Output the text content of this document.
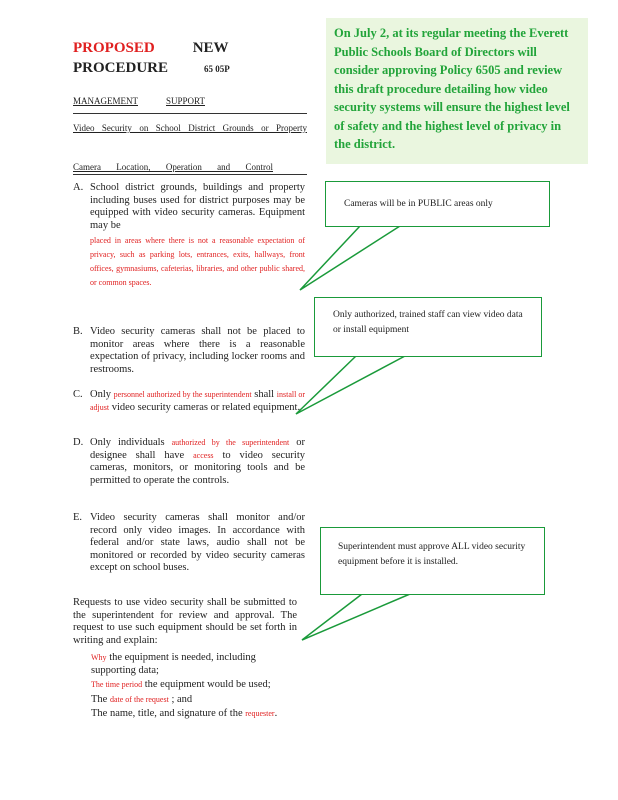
PROPOSED	NEW
PROCEDURE	65 05P
MANAGEMENT	SUPPORT
Video Security on School District Grounds or Property
Camera Location, Operation and Control
A. School district grounds, buildings and property including buses used for district purposes may be equipped with video security cameras. Equipment may be
placed in areas where there is not a reasonable expectation of privacy, such as parking lots, entrances, exits, hallways, front offices, gymnasiums, cafeterias, libraries, and other public shared, or common spaces.
B. Video security cameras shall not be placed to monitor areas where there is a reasonable expectation of privacy, including locker rooms and restrooms.
C. Only personnel authorized by the superintendent shall install or adjust video security cameras or related equipment.
D. Only individuals authorized by the superintendent or designee shall have access to video security cameras, monitors, or monitoring tools and be permitted to operate the controls.
E. Video security cameras shall monitor and/or record only video images. In accordance with federal and/or state laws, audio shall not be monitored or recorded by video security cameras except on school buses.
Requests to use video security shall be submitted to the superintendent for review and approval. The request to use such equipment should be set forth in writing and explain:
Why the equipment is needed, including supporting data;
The time period the equipment would be used;
The date of the request ; and
The name, title, and signature of the requester.
On July 2, at its regular meeting the Everett Public Schools Board of Directors will consider approving Policy 6505 and review this draft procedure detailing how video security systems will ensure the highest level of safety and the highest level of privacy in the district.
Cameras will be in PUBLIC areas only
Only authorized, trained staff can view video data or install equipment
Superintendent must approve ALL video security equipment before it is installed.
